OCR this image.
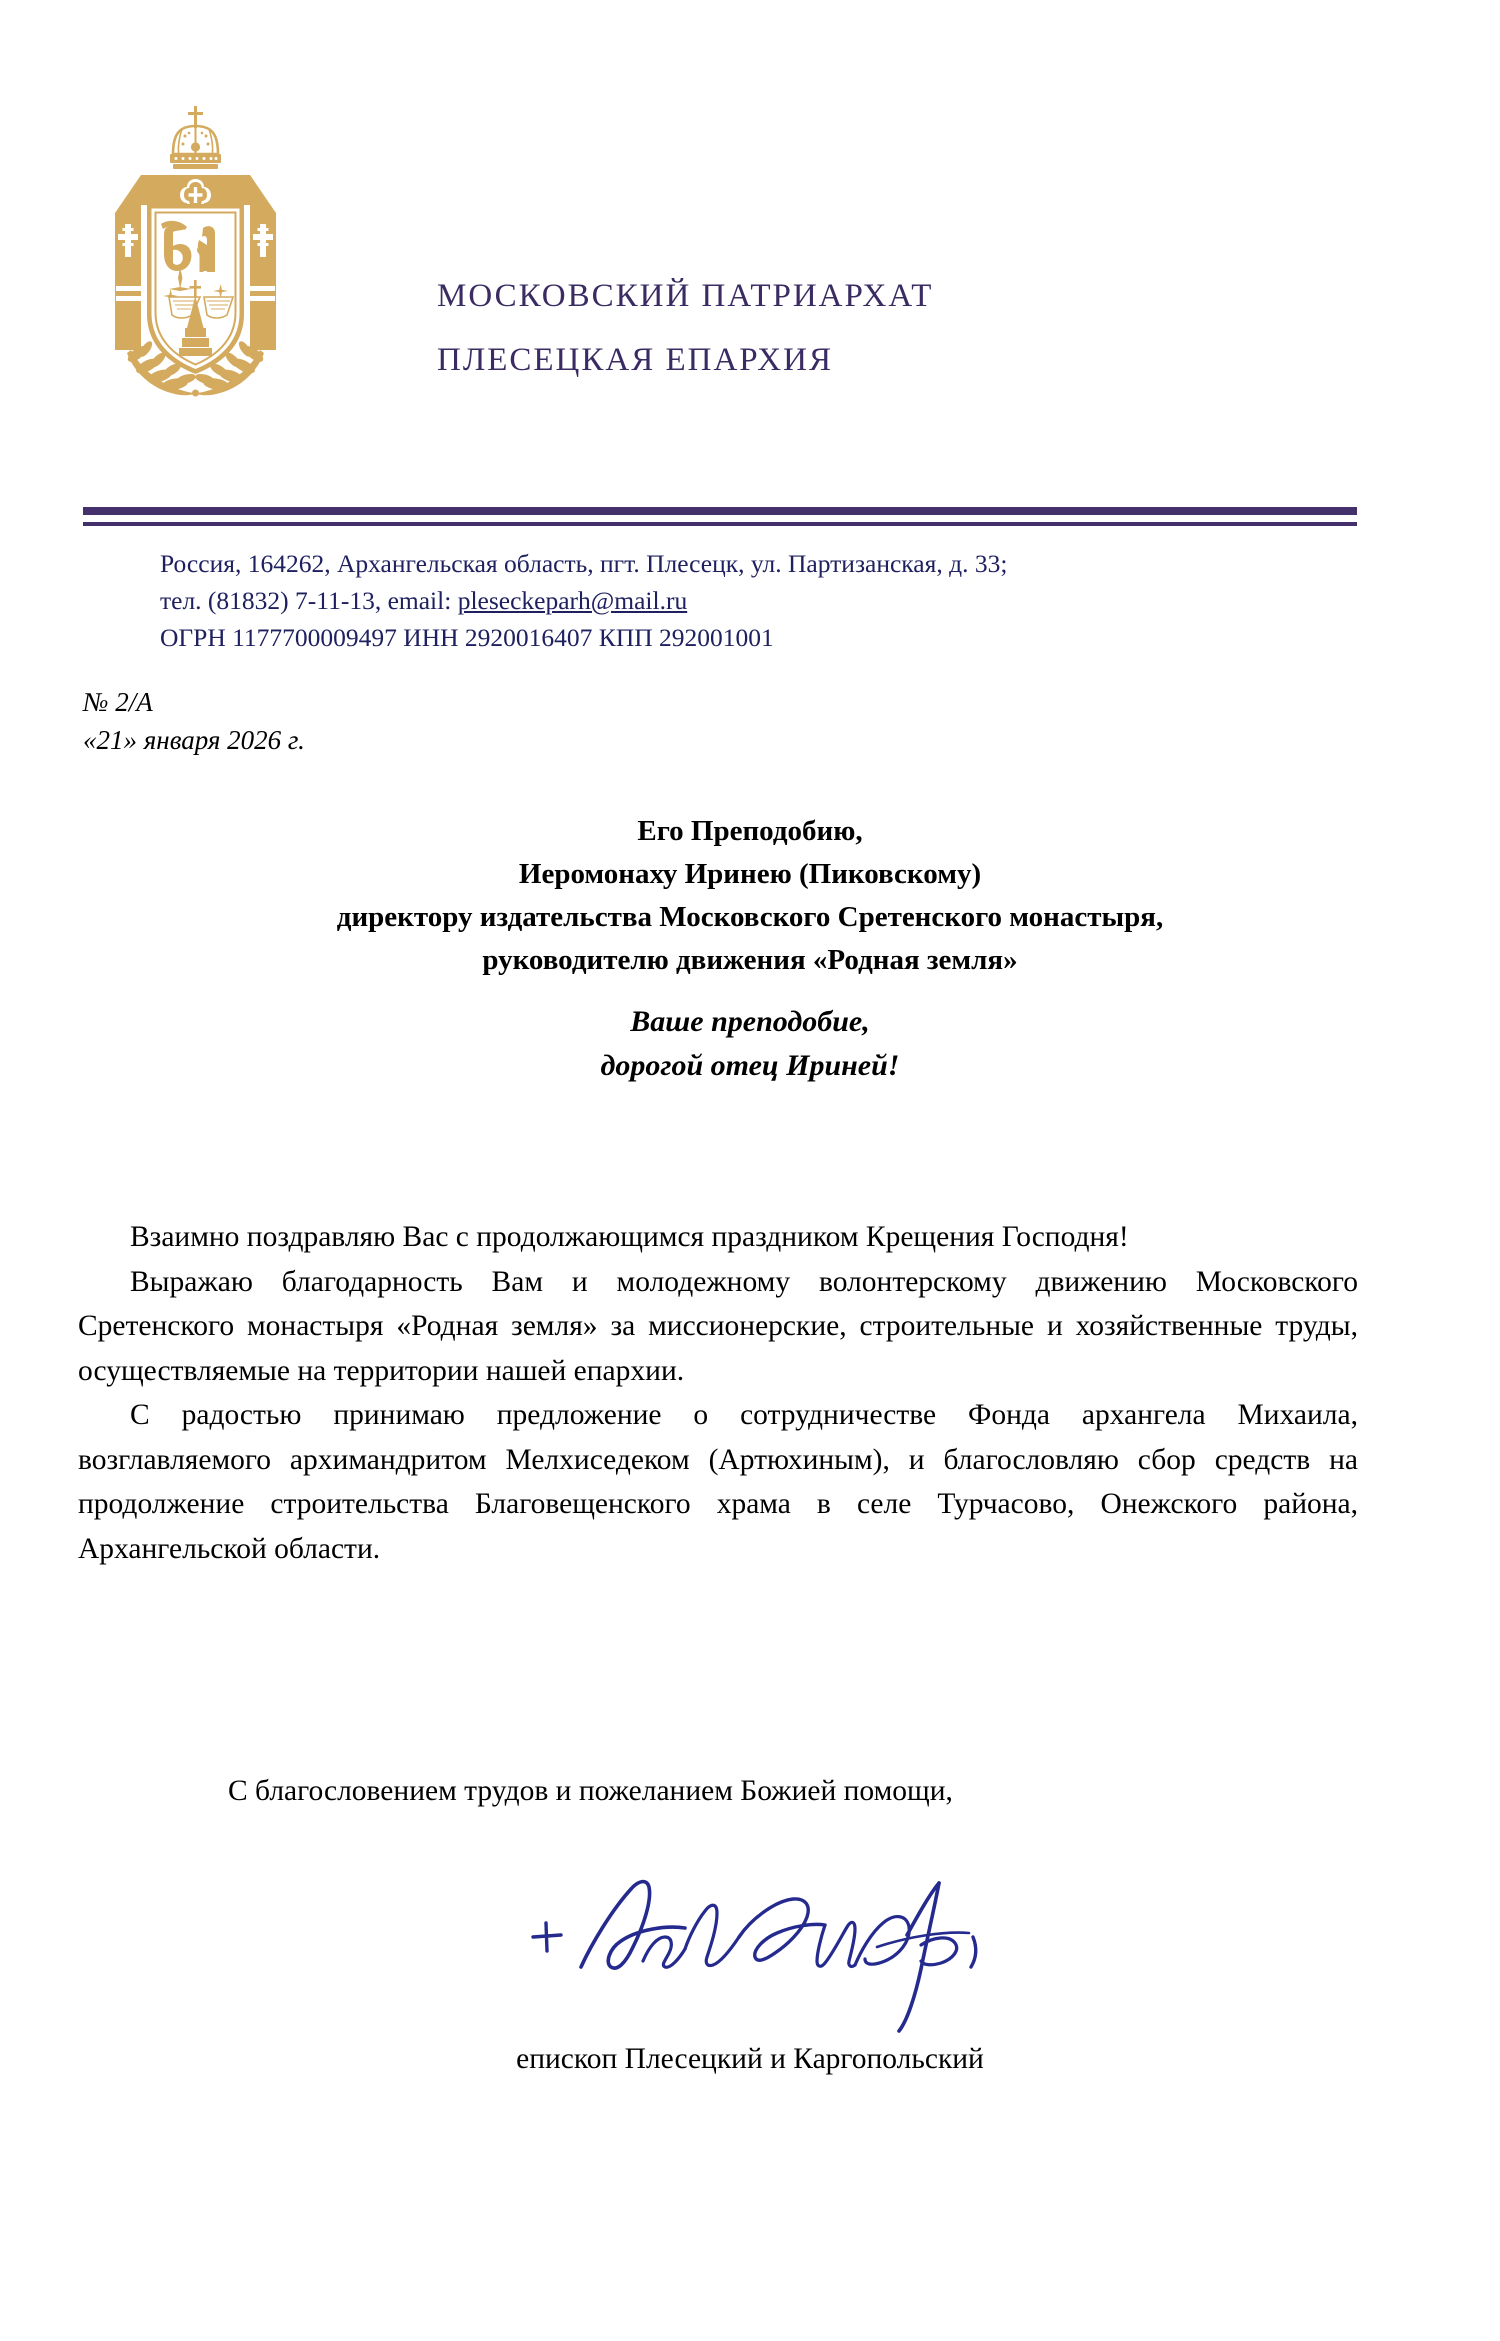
МОСКОВСКИЙ ПАТРИАРХАТ
ПЛЕСЕЦКАЯ ЕПАРХИЯ
Россия, 164262, Архангельская область, пгт. Плесецк, ул. Партизанская, д. 33;
тел. (81832) 7-11-13, email: pleseckeparh@mail.ru
ОГРН 1177700009497 ИНН 2920016407 КПП 292001001
№ 2/А
«21» января 2026 г.
Его Преподобию,
Иеромонаху Иринею (Пиковскому)
директору издательства Московского Сретенского монастыря,
руководителю движения «Родная земля»
Ваше преподобие,
дорогой отец Ириней!

Взаимно поздравляю Вас с продолжающимся праздником Крещения Господня!

Выражаю благодарность Вам и молодежному волонтерскому движению Московского Сретенского монастыря «Родная земля» за миссионерские, строительные и хозяйственные труды, осуществляемые на территории нашей епархии.

С радостью принимаю предложение о сотрудничестве Фонда архангела Михаила, возглавляемого архимандритом Мелхиседеком (Артюхиным), и благословляю сбор средств на продолжение строительства Благовещенского храма в селе Турчасово, Онежского района, Архангельской области.

С благословением трудов и пожеланием Божией помощи,
епископ Плесецкий и Каргопольский
